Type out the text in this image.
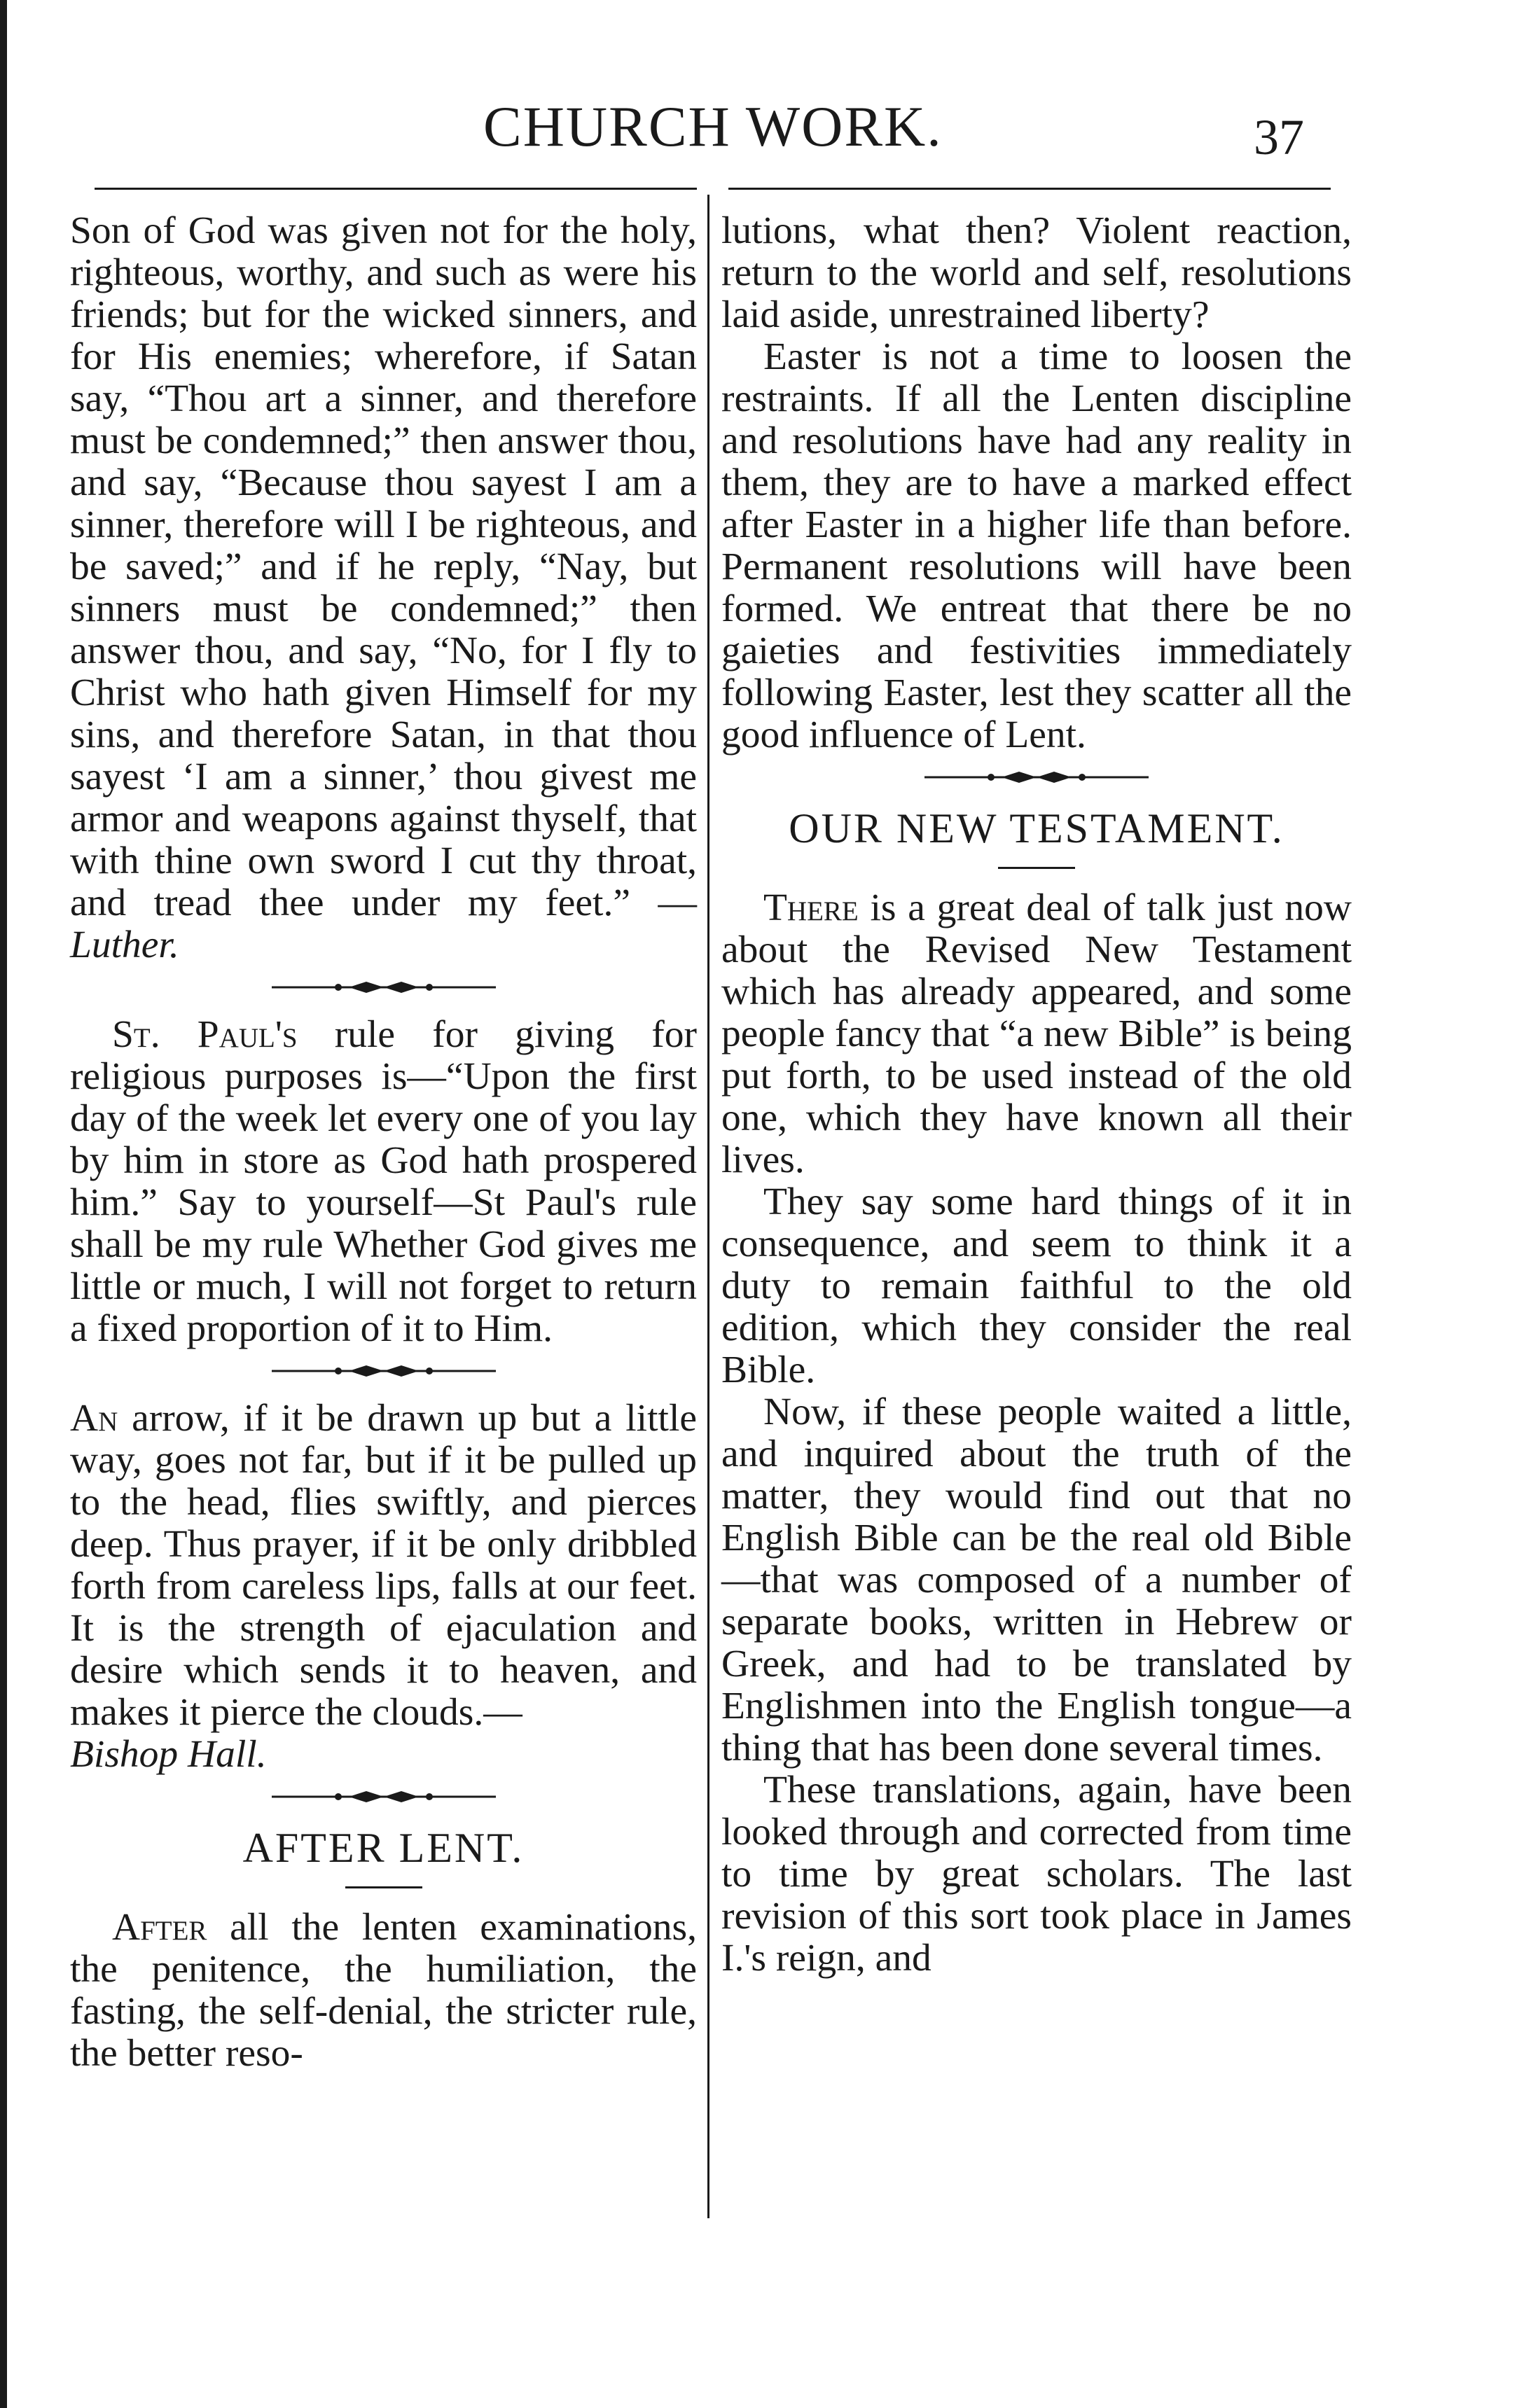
CHURCH WORK.	37

Son of God was given not for the holy, righteous, worthy, and such as were his friends; but for the wicked sinners, and for His enemies; wherefore, if Satan say, “Thou art a sinner, and therefore must be condemned;” then answer thou, and say, “Because thou sayest I am a sinner, therefore will I be righteous, and be saved;” and if he reply, “Nay, but sinners must be condemned;” then answer thou, and say, “No, for I fly to Christ who hath given Himself for my sins, and therefore Satan, in that thou sayest ‘I am a sinner,’ thou givest me armor and weapons against thyself, that with thine own sword I cut thy throat, and tread thee under my feet.” —Luther.

St. Paul's rule for giving for religious purposes is—“Upon the first day of the week let every one of you lay by him in store as God hath prospered him.” Say to yourself—St Paul's rule shall be my rule Whether God gives me little or much, I will not forget to return a fixed proportion of it to Him.

An arrow, if it be drawn up but a little way, goes not far, but if it be pulled up to the head, flies swiftly, and pierces deep. Thus prayer, if it be only dribbled forth from careless lips, falls at our feet. It is the strength of ejaculation and desire which sends it to heaven, and makes it pierce the clouds.—
Bishop Hall.

AFTER LENT.

After all the lenten examinations, the penitence, the humiliation, the fasting, the self-denial, the stricter rule, the better reso-

lutions, what then? Violent reaction, return to the world and self, resolutions laid aside, unrestrained liberty?

Easter is not a time to loosen the restraints. If all the Lenten discipline and resolutions have had any reality in them, they are to have a marked effect after Easter in a higher life than before. Permanent resolutions will have been formed. We entreat that there be no gaieties and festivities immediately following Easter, lest they scatter all the good influence of Lent.

OUR NEW TESTAMENT.

There is a great deal of talk just now about the Revised New Testament which has already appeared, and some people fancy that “a new Bible” is being put forth, to be used instead of the old one, which they have known all their lives.

They say some hard things of it in consequence, and seem to think it a duty to remain faithful to the old edition, which they consider the real Bible.

Now, if these people waited a little, and inquired about the truth of the matter, they would find out that no English Bible can be the real old Bible—that was composed of a number of separate books, written in Hebrew or Greek, and had to be translated by Englishmen into the English tongue—a thing that has been done several times.

These translations, again, have been looked through and corrected from time to time by great scholars. The last revision of this sort took place in James I.'s reign, and
